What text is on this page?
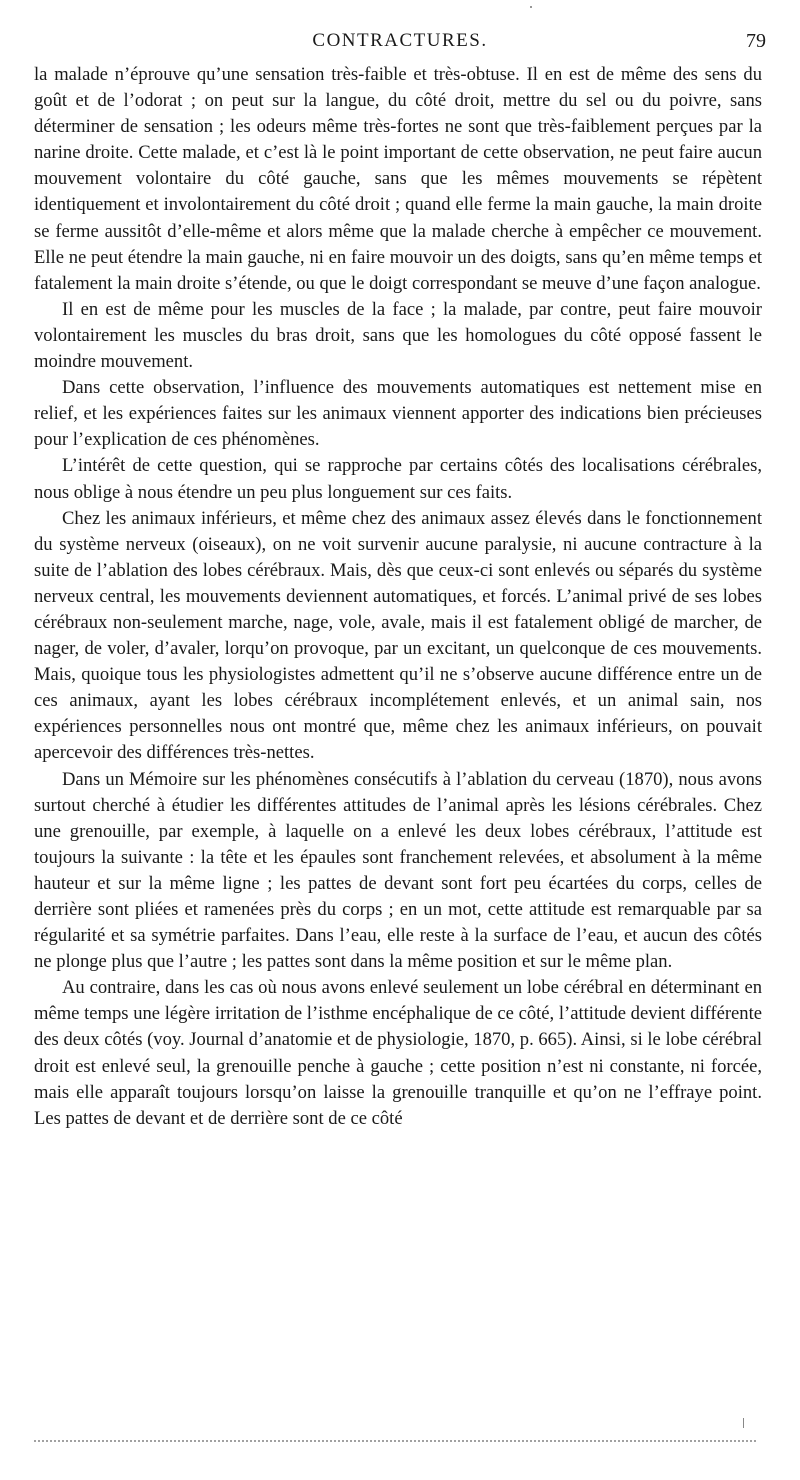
CONTRACTURES.	79

la malade n’éprouve qu’une sensation très-faible et très-obtuse. Il en est de même des sens du goût et de l’odorat ; on peut sur la langue, du côté droit, mettre du sel ou du poivre, sans déterminer de sensation ; les odeurs même très-fortes ne sont que très-faiblement perçues par la narine droite. Cette malade, et c’est là le point important de cette observation, ne peut faire aucun mouvement volontaire du côté gauche, sans que les mêmes mouvements se répètent identiquement et involontairement du côté droit ; quand elle ferme la main gauche, la main droite se ferme aussitôt d’elle-même et alors même que la malade cherche à empêcher ce mouvement. Elle ne peut étendre la main gauche, ni en faire mouvoir un des doigts, sans qu’en même temps et fatalement la main droite s’étende, ou que le doigt correspondant se meuve d’une façon analogue.

Il en est de même pour les muscles de la face ; la malade, par contre, peut faire mouvoir volontairement les muscles du bras droit, sans que les homologues du côté opposé fassent le moindre mouvement.

Dans cette observation, l’influence des mouvements automatiques est nettement mise en relief, et les expériences faites sur les animaux viennent apporter des indications bien précieuses pour l’explication de ces phénomènes.

L’intérêt de cette question, qui se rapproche par certains côtés des localisations cérébrales, nous oblige à nous étendre un peu plus longuement sur ces faits.

Chez les animaux inférieurs, et même chez des animaux assez élevés dans le fonctionnement du système nerveux (oiseaux), on ne voit survenir aucune paralysie, ni aucune contracture à la suite de l’ablation des lobes cérébraux. Mais, dès que ceux-ci sont enlevés ou séparés du système nerveux central, les mouvements deviennent automatiques, et forcés. L’animal privé de ses lobes cérébraux non-seulement marche, nage, vole, avale, mais il est fatalement obligé de marcher, de nager, de voler, d’avaler, lorqu’on provoque, par un excitant, un quelconque de ces mouvements. Mais, quoique tous les physiologistes admettent qu’il ne s’observe aucune différence entre un de ces animaux, ayant les lobes cérébraux incomplétement enlevés, et un animal sain, nos expériences personnelles nous ont montré que, même chez les animaux inférieurs, on pouvait apercevoir des différences très-nettes.

Dans un Mémoire sur les phénomènes consécutifs à l’ablation du cerveau (1870), nous avons surtout cherché à étudier les différentes attitudes de l’animal après les lésions cérébrales. Chez une grenouille, par exemple, à laquelle on a enlevé les deux lobes cérébraux, l’attitude est toujours la suivante : la tête et les épaules sont franchement relevées, et absolument à la même hauteur et sur la même ligne ; les pattes de devant sont fort peu écartées du corps, celles de derrière sont pliées et ramenées près du corps ; en un mot, cette attitude est remarquable par sa régularité et sa symétrie parfaites. Dans l’eau, elle reste à la surface de l’eau, et aucun des côtés ne plonge plus que l’autre ; les pattes sont dans la même position et sur le même plan.

Au contraire, dans les cas où nous avons enlevé seulement un lobe cérébral en déterminant en même temps une légère irritation de l’isthme encéphalique de ce côté, l’attitude devient différente des deux côtés (voy. Journal d’anatomie et de physiologie, 1870, p. 665). Ainsi, si le lobe cérébral droit est enlevé seul, la grenouille penche à gauche ; cette position n’est ni constante, ni forcée, mais elle apparaît toujours lorsqu’on laisse la grenouille tranquille et qu’on ne l’effraye point. Les pattes de devant et de derrière sont de ce côté
